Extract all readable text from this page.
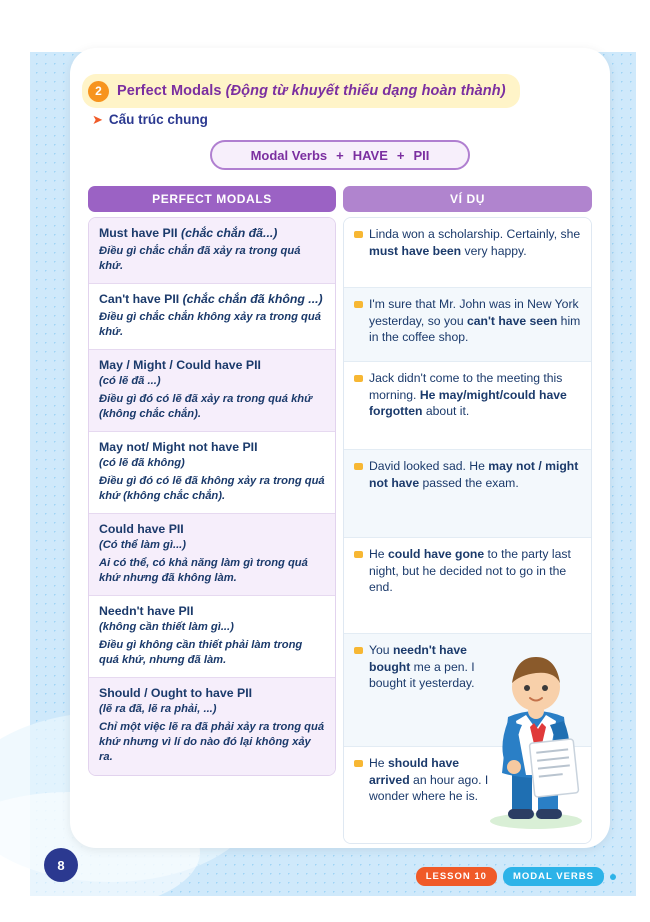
2	Perfect Modals (Động từ khuyết thiếu dạng hoàn thành)
➤ Cấu trúc chung
Modal Verbs + HAVE + PII
PERFECT MODALS
Must have PII (chắc chắn đã...)
Điều gì chắc chắn đã xảy ra trong quá khứ.
Can't have PII (chắc chắn đã không ...)
Điều gì chắc chắn không xảy ra trong quá khứ.
May / Might / Could have PII
(có lẽ đã ...)
Điều gì đó có lẽ đã xảy ra trong quá khứ (không chắc chắn).
May not/ Might not have PII
(có lẽ đã không)
Điều gì đó có lẽ đã không xảy ra trong quá khứ (không chắc chắn).
Could have PII
(Có thể làm gì...)
Ai có thể, có khả năng làm gì trong quá khứ nhưng đã không làm.
Needn't have PII
(không cần thiết làm gì...)
Điều gì không cần thiết phải làm trong quá khứ, nhưng đã làm.
Should / Ought to have PII
(lẽ ra đã, lẽ ra phải, ...)
Chỉ một việc lẽ ra đã phải xảy ra trong quá khứ nhưng vì lí do nào đó lại không xảy ra.
VÍ DỤ
Linda won a scholarship. Certainly, she must have been very happy.
I'm sure that Mr. John was in New York yesterday, so you can't have seen him in the coffee shop.
Jack didn't come to the meeting this morning. He may/might/could have forgotten about it.
David looked sad. He may not / might not have passed the exam.
He could have gone to the party last night, but he decided not to go in the end.
You needn't have bought me a pen. I bought it yesterday.
He should have arrived an hour ago. I wonder where he is.
8
LESSON 10	MODAL VERBS
